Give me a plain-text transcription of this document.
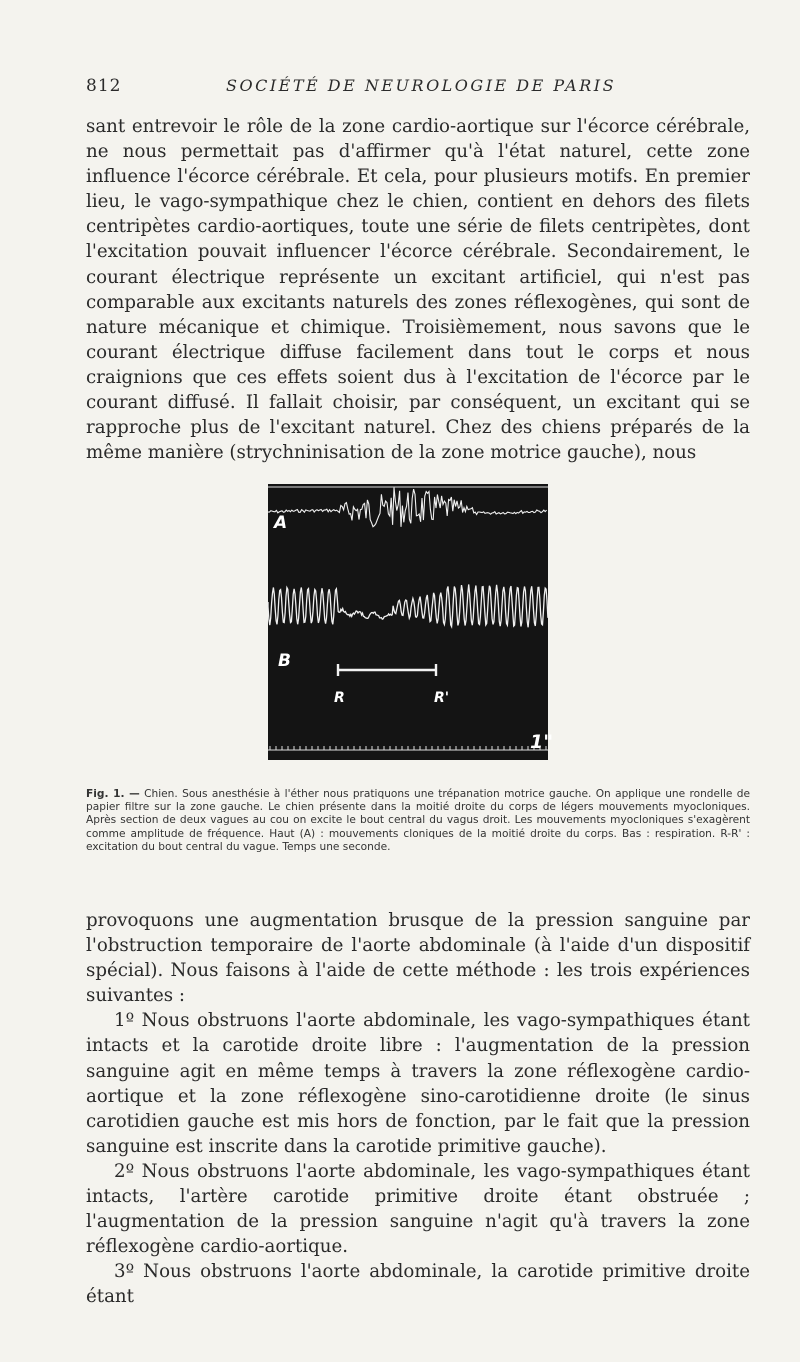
812	SOCIÉTÉ DE NEUROLOGIE DE PARIS

sant entrevoir le rôle de la zone cardio-aortique sur l'écorce cérébrale, ne nous permettait pas d'affirmer qu'à l'état naturel, cette zone influence l'écorce cérébrale. Et cela, pour plusieurs motifs. En premier lieu, le vago-sympathique chez le chien, contient en dehors des filets centripètes cardio-aortiques, toute une série de filets centripètes, dont l'excitation pouvait influencer l'écorce cérébrale. Secondairement, le courant électrique représente un excitant artificiel, qui n'est pas comparable aux excitants naturels des zones réflexogènes, qui sont de nature mécanique et chimique. Troisièmement, nous savons que le courant électrique diffuse facilement dans tout le corps et nous craignions que ces effets soient dus à l'excitation de l'écorce par le courant diffusé. Il fallait choisir, par conséquent, un excitant qui se rapproche plus de l'excitant naturel. Chez des chiens préparés de la même manière (strychninisation de la zone motrice gauche), nous

A
B
R	R'
1"
Fig. 1. — Chien. Sous anesthésie à l'éther nous pratiquons une trépanation motrice gauche. On applique une rondelle de papier filtre sur la zone gauche. Le chien présente dans la moitié droite du corps de légers mouvements myocloniques. Après section de deux vagues au cou on excite le bout central du vagus droit. Les mouvements myocloniques s'exagèrent comme amplitude de fréquence. Haut (A) : mouvements cloniques de la moitié droite du corps. Bas : respiration. R-R' : excitation du bout central du vague. Temps une seconde.

provoquons une augmentation brusque de la pression sanguine par l'obstruction temporaire de l'aorte abdominale (à l'aide d'un dispositif spécial). Nous faisons à l'aide de cette méthode : les trois expériences suivantes :

1º Nous obstruons l'aorte abdominale, les vago-sympathiques étant intacts et la carotide droite libre : l'augmentation de la pression sanguine agit en même temps à travers la zone réflexogène cardio-aortique et la zone réflexogène sino-carotidienne droite (le sinus carotidien gauche est mis hors de fonction, par le fait que la pression sanguine est inscrite dans la carotide primitive gauche).

2º Nous obstruons l'aorte abdominale, les vago-sympathiques étant intacts, l'artère carotide primitive droite étant obstruée ; l'augmentation de la pression sanguine n'agit qu'à travers la zone réflexogène cardio-aortique.

3º Nous obstruons l'aorte abdominale, la carotide primitive droite étant
